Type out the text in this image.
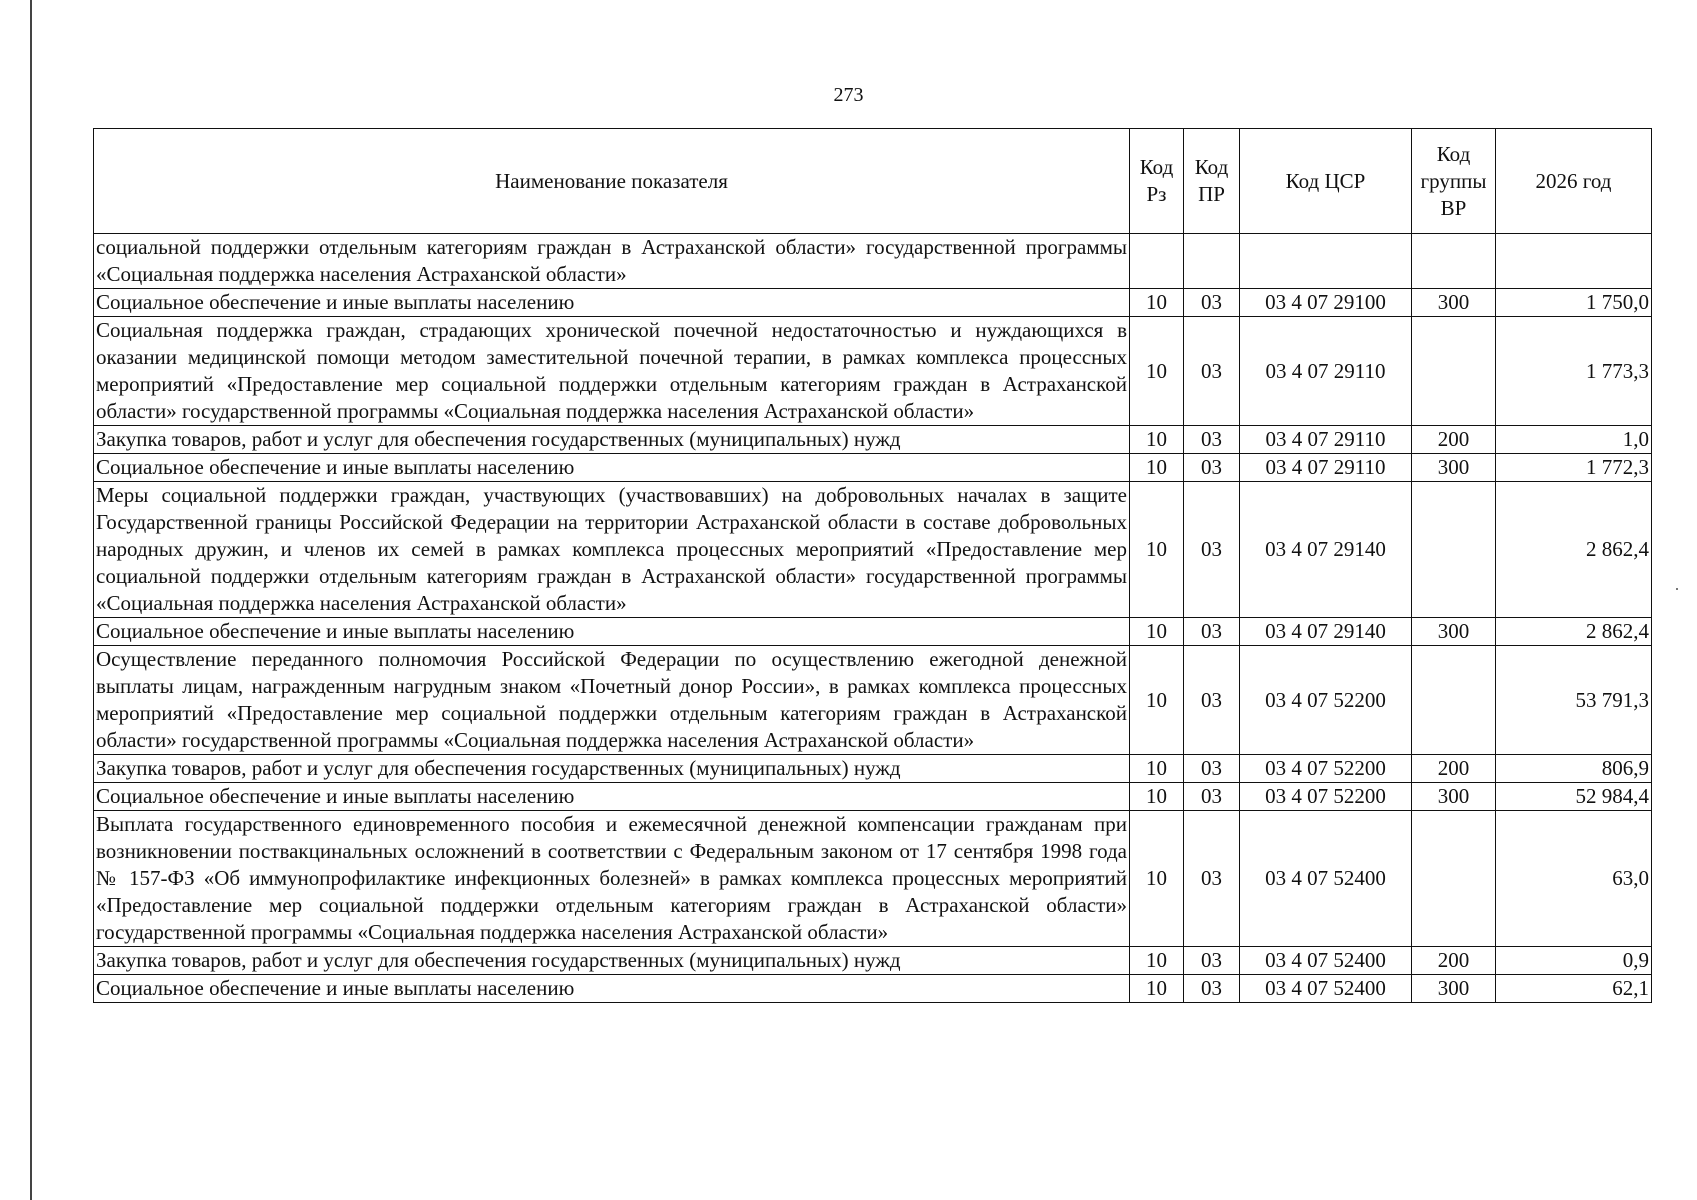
273
Наименование показателя	Код Рз	Код ПР	Код ЦСР	Код группы ВР	2026 год
социальной поддержки отдельным категориям граждан в Астраханской области» государственной программы «Социальная поддержка населения Астраханской области»					
Социальное обеспечение и иные выплаты населению	10	03	03 4 07 29100	300	1 750,0
Социальная поддержка граждан, страдающих хронической почечной недостаточностью и нуждающихся в оказании медицинской помощи методом заместительной почечной терапии, в рамках комплекса процессных мероприятий «Предоставление мер социальной поддержки отдельным категориям граждан в Астраханской области» государственной программы «Социальная поддержка населения Астраханской области»	10	03	03 4 07 29110		1 773,3
Закупка товаров, работ и услуг для обеспечения государственных (муниципальных) нужд	10	03	03 4 07 29110	200	1,0
Социальное обеспечение и иные выплаты населению	10	03	03 4 07 29110	300	1 772,3
Меры социальной поддержки граждан, участвующих (участвовавших) на добровольных началах в защите Государственной границы Российской Федерации на территории Астраханской области в составе добровольных народных дружин, и членов их семей в рамках комплекса процессных мероприятий «Предоставление мер социальной поддержки отдельным категориям граждан в Астраханской области» государственной программы «Социальная поддержка населения Астраханской области»	10	03	03 4 07 29140		2 862,4
Социальное обеспечение и иные выплаты населению	10	03	03 4 07 29140	300	2 862,4
Осуществление переданного полномочия Российской Федерации по осуществлению ежегодной денежной выплаты лицам, награжденным нагрудным знаком «Почетный донор России», в рамках комплекса процессных мероприятий «Предоставление мер социальной поддержки отдельным категориям граждан в Астраханской области» государственной программы «Социальная поддержка населения Астраханской области»	10	03	03 4 07 52200		53 791,3
Закупка товаров, работ и услуг для обеспечения государственных (муниципальных) нужд	10	03	03 4 07 52200	200	806,9
Социальное обеспечение и иные выплаты населению	10	03	03 4 07 52200	300	52 984,4
Выплата государственного единовременного пособия и ежемесячной денежной компенсации гражданам при возникновении поствакцинальных осложнений в соответствии с Федеральным законом от 17 сентября 1998 года № 157-ФЗ «Об иммунопрофилактике инфекционных болезней» в рамках комплекса процессных мероприятий «Предоставление мер социальной поддержки отдельным категориям граждан в Астраханской области» государственной программы «Социальная поддержка населения Астраханской области»	10	03	03 4 07 52400		63,0
Закупка товаров, работ и услуг для обеспечения государственных (муниципальных) нужд	10	03	03 4 07 52400	200	0,9
Социальное обеспечение и иные выплаты населению	10	03	03 4 07 52400	300	62,1
